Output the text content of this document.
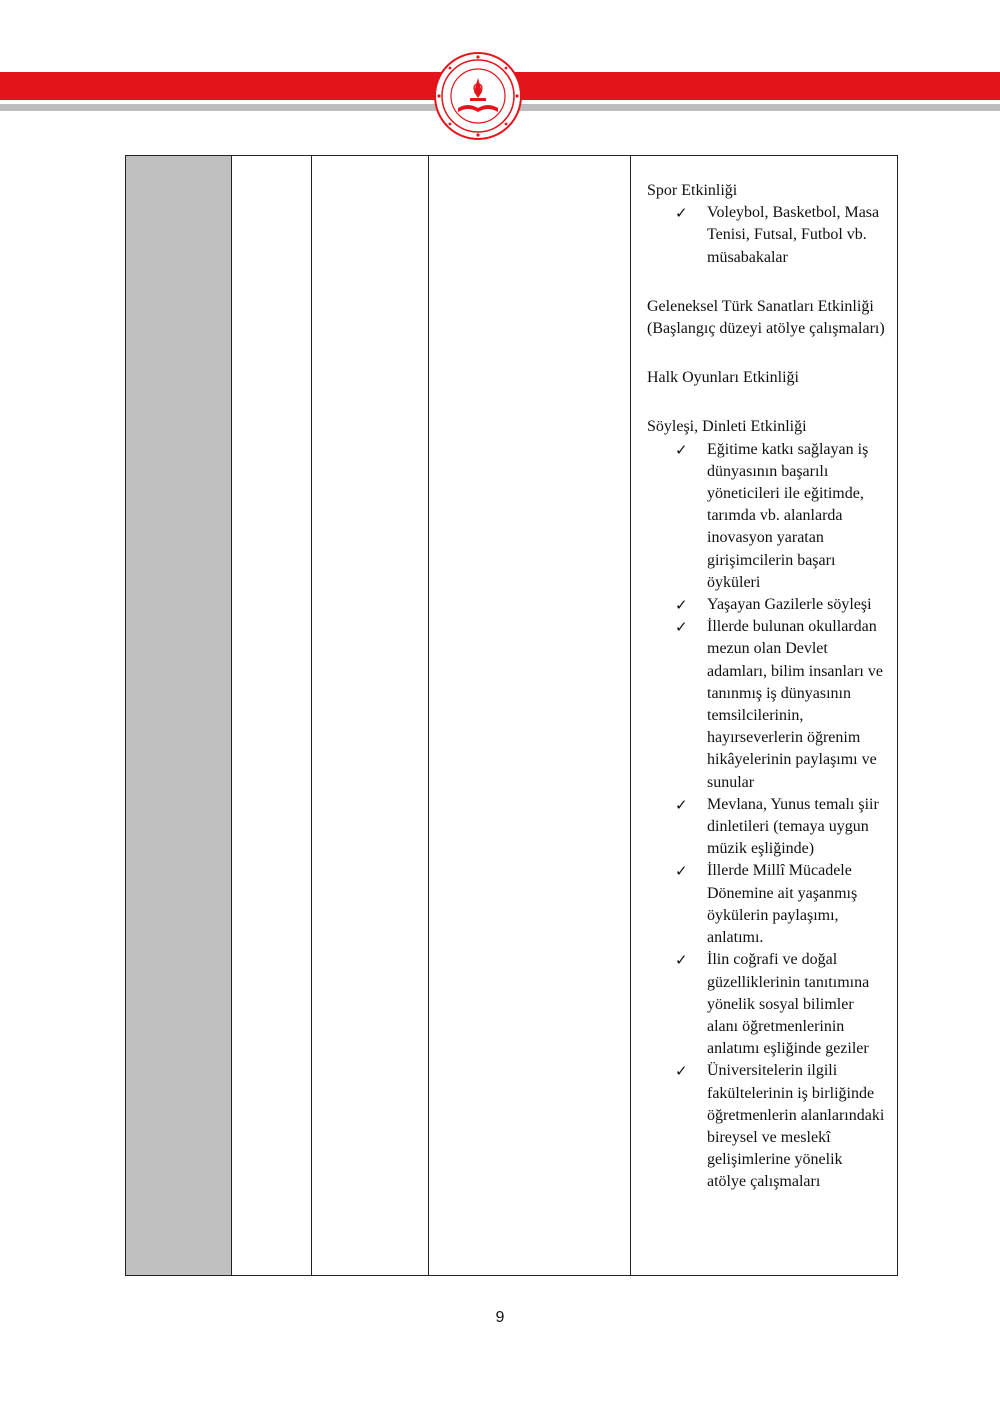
Spor Etkinliği

✓ Voleybol, Basketbol, Masa Tenisi, Futsal, Futbol vb. müsabakalar

Geleneksel Türk Sanatları Etkinliği

(Başlangıç düzeyi atölye çalışmaları)

Halk Oyunları Etkinliği

Söyleşi, Dinleti Etkinliği

✓ Eğitime katkı sağlayan iş dünyasının başarılı yöneticileri ile eğitimde, tarımda vb. alanlarda inovasyon yaratan girişimcilerin başarı öyküleri
✓ Yaşayan Gazilerle söyleşi
✓ İllerde bulunan okullardan mezun olan Devlet adamları, bilim insanları ve tanınmış iş dünyasının temsilcilerinin, hayırseverlerin öğrenim hikâyelerinin paylaşımı ve sunular
✓ Mevlana, Yunus temalı şiir dinletileri (temaya uygun müzik eşliğinde)
✓ İllerde Millî Mücadele Dönemine ait yaşanmış öykülerin paylaşımı, anlatımı.
✓ İlin coğrafi ve doğal güzelliklerinin tanıtımına yönelik sosyal bilimler alanı öğretmenlerinin anlatımı eşliğinde geziler
✓ Üniversitelerin ilgili fakültelerinin iş birliğinde öğretmenlerin alanlarındaki bireysel ve meslekî gelişimlerine yönelik atölye çalışmaları
9
